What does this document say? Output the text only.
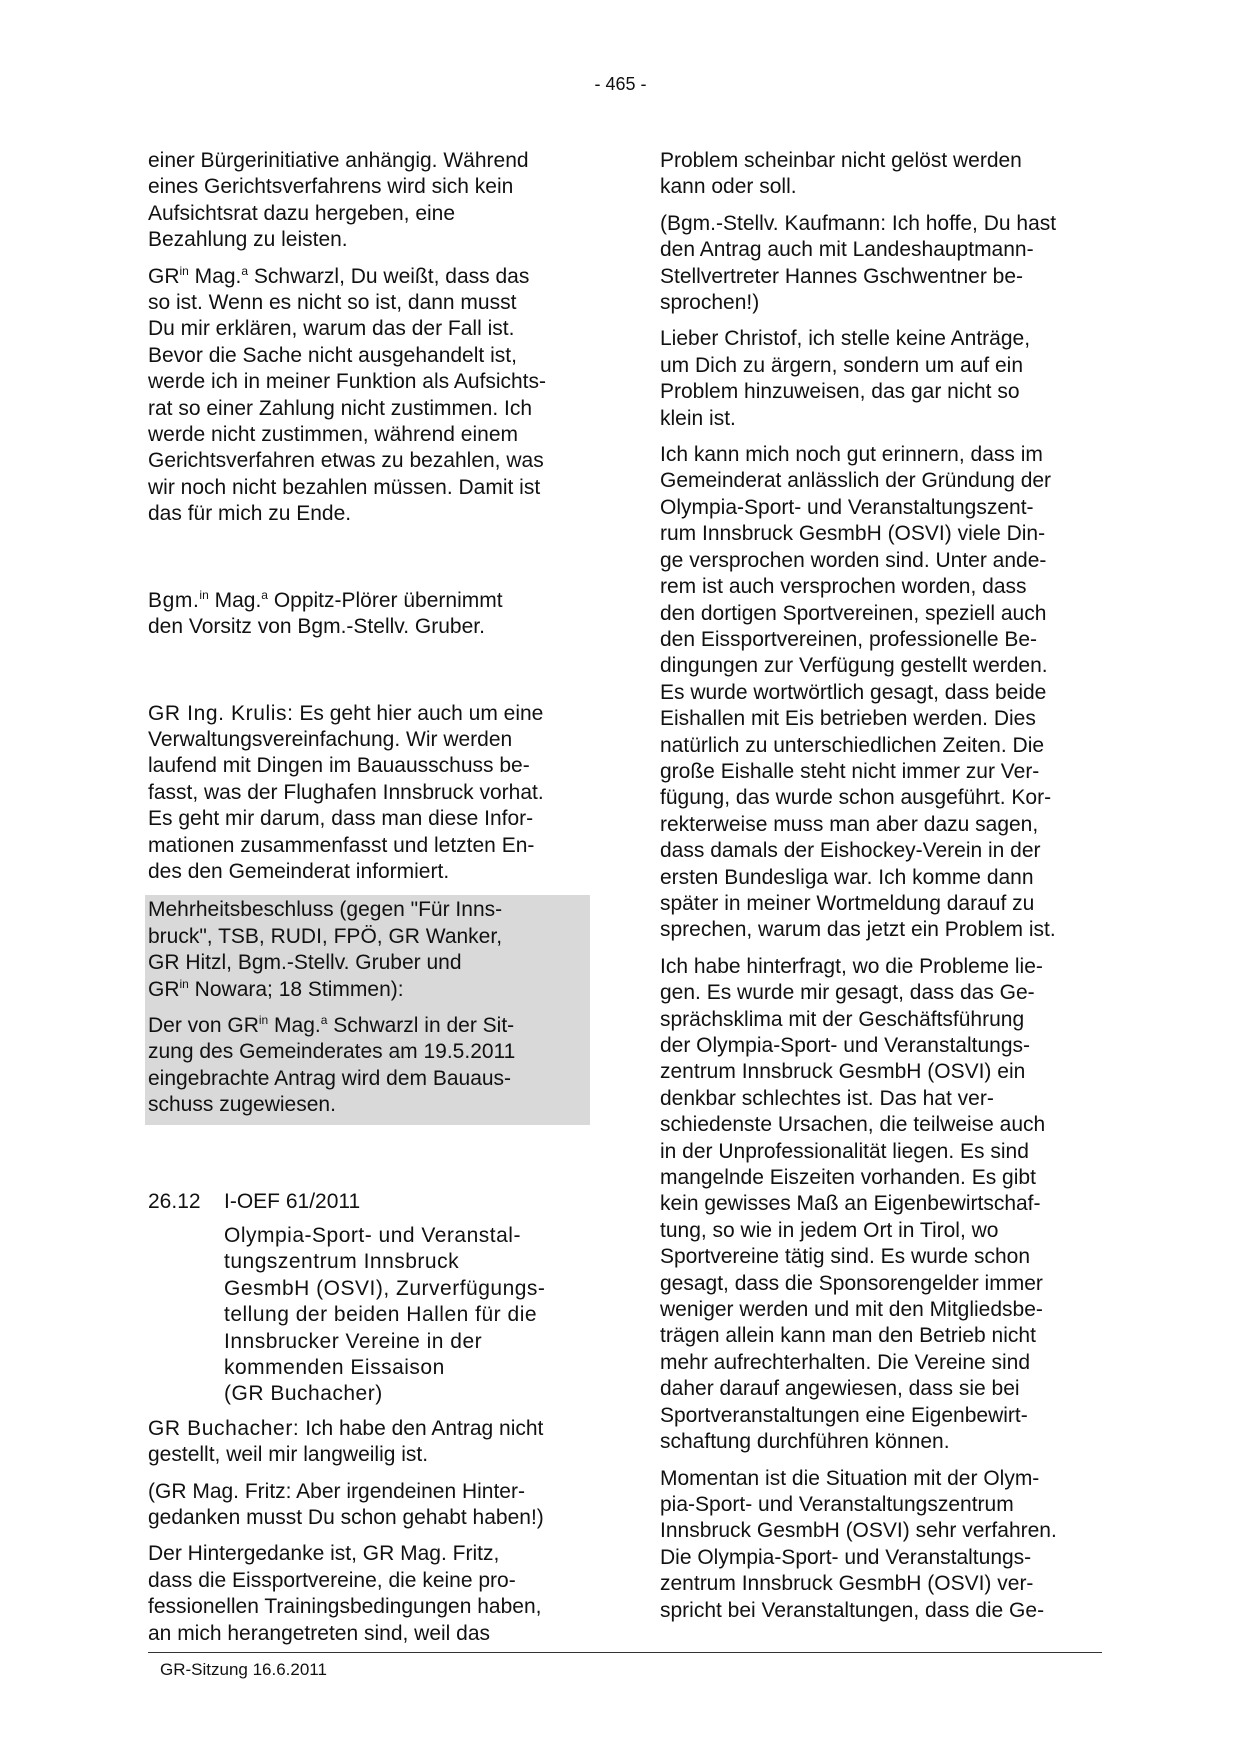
- 465 -
einer Bürgerinitiative anhängig. Während
eines Gerichtsverfahrens wird sich kein
Aufsichtsrat dazu hergeben, eine
Bezahlung zu leisten.
$GR^{in}$ Mag.$^a$ Schwarzl, Du weißt, dass das
so ist. Wenn es nicht so ist, dann musst
Du mir erklären, warum das der Fall ist.
Bevor die Sache nicht ausgehandelt ist,
werde ich in meiner Funktion als Aufsichts-
rat so einer Zahlung nicht zustimmen. Ich
werde nicht zustimmen, während einem
Gerichtsverfahren etwas zu bezahlen, was
wir noch nicht bezahlen müssen. Damit ist
das für mich zu Ende.
Bgm.$^{in}$ Mag.$^a$ Oppitz-Plörer übernimmt
den Vorsitz von Bgm.-Stellv. Gruber.
GR Ing. Krulis: Es geht hier auch um eine
Verwaltungsvereinfachung. Wir werden
laufend mit Dingen im Bauausschuss be-
fasst, was der Flughafen Innsbruck vorhat.
Es geht mir darum, dass man diese Infor-
mationen zusammenfasst und letzten En-
des den Gemeinderat informiert.
Mehrheitsbeschluss (gegen "Für Inns-
bruck", TSB, RUDI, FPÖ, GR Wanker,
GR Hitzl, Bgm.-Stellv. Gruber und
$GR^{in}$ Nowara; 18 Stimmen):
Der von $GR^{in}$ Mag.$^a$ Schwarzl in der Sit-
zung des Gemeinderates am 19.5.2011
eingebrachte Antrag wird dem Bauaus-
schuss zugewiesen.
26.12 I-OEF 61/2011
Olympia-Sport- und Veranstal-
tungszentrum Innsbruck
GesmbH (OSVI), Zurverfügungs-
tellung der beiden Hallen für die
Innsbrucker Vereine in der
kommenden Eissaison
(GR Buchacher)
GR Buchacher: Ich habe den Antrag nicht
gestellt, weil mir langweilig ist.
(GR Mag. Fritz: Aber irgendeinen Hinter-
gedanken musst Du schon gehabt haben!)
Der Hintergedanke ist, GR Mag. Fritz,
dass die Eissportvereine, die keine pro-
fessionellen Trainingsbedingungen haben,
an mich herangetreten sind, weil das
Problem scheinbar nicht gelöst werden
kann oder soll.
(Bgm.-Stellv. Kaufmann: Ich hoffe, Du hast
den Antrag auch mit Landeshauptmann-
Stellvertreter Hannes Gschwentner be-
sprochen!)
Lieber Christof, ich stelle keine Anträge,
um Dich zu ärgern, sondern um auf ein
Problem hinzuweisen, das gar nicht so
klein ist.
Ich kann mich noch gut erinnern, dass im
Gemeinderat anlässlich der Gründung der
Olympia-Sport- und Veranstaltungszent-
rum Innsbruck GesmbH (OSVI) viele Din-
ge versprochen worden sind. Unter ande-
rem ist auch versprochen worden, dass
den dortigen Sportvereinen, speziell auch
den Eissportvereinen, professionelle Be-
dingungen zur Verfügung gestellt werden.
Es wurde wortwörtlich gesagt, dass beide
Eishallen mit Eis betrieben werden. Dies
natürlich zu unterschiedlichen Zeiten. Die
große Eishalle steht nicht immer zur Ver-
fügung, das wurde schon ausgeführt. Kor-
rekterweise muss man aber dazu sagen,
dass damals der Eishockey-Verein in der
ersten Bundesliga war. Ich komme dann
später in meiner Wortmeldung darauf zu
sprechen, warum das jetzt ein Problem ist.
Ich habe hinterfragt, wo die Probleme lie-
gen. Es wurde mir gesagt, dass das Ge-
sprächsklima mit der Geschäftsführung
der Olympia-Sport- und Veranstaltungs-
zentrum Innsbruck GesmbH (OSVI) ein
denkbar schlechtes ist. Das hat ver-
schiedenste Ursachen, die teilweise auch
in der Unprofessionalität liegen. Es sind
mangelnde Eiszeiten vorhanden. Es gibt
kein gewisses Maß an Eigenbewirtschaf-
tung, so wie in jedem Ort in Tirol, wo
Sportvereine tätig sind. Es wurde schon
gesagt, dass die Sponsorengelder immer
weniger werden und mit den Mitgliedsbe-
trägen allein kann man den Betrieb nicht
mehr aufrechterhalten. Die Vereine sind
daher darauf angewiesen, dass sie bei
Sportveranstaltungen eine Eigenbewirt-
schaftung durchführen können.
Momentan ist die Situation mit der Olym-
pia-Sport- und Veranstaltungszentrum
Innsbruck GesmbH (OSVI) sehr verfahren.
Die Olympia-Sport- und Veranstaltungs-
zentrum Innsbruck GesmbH (OSVI) ver-
spricht bei Veranstaltungen, dass die Ge-
GR-Sitzung 16.6.2011
